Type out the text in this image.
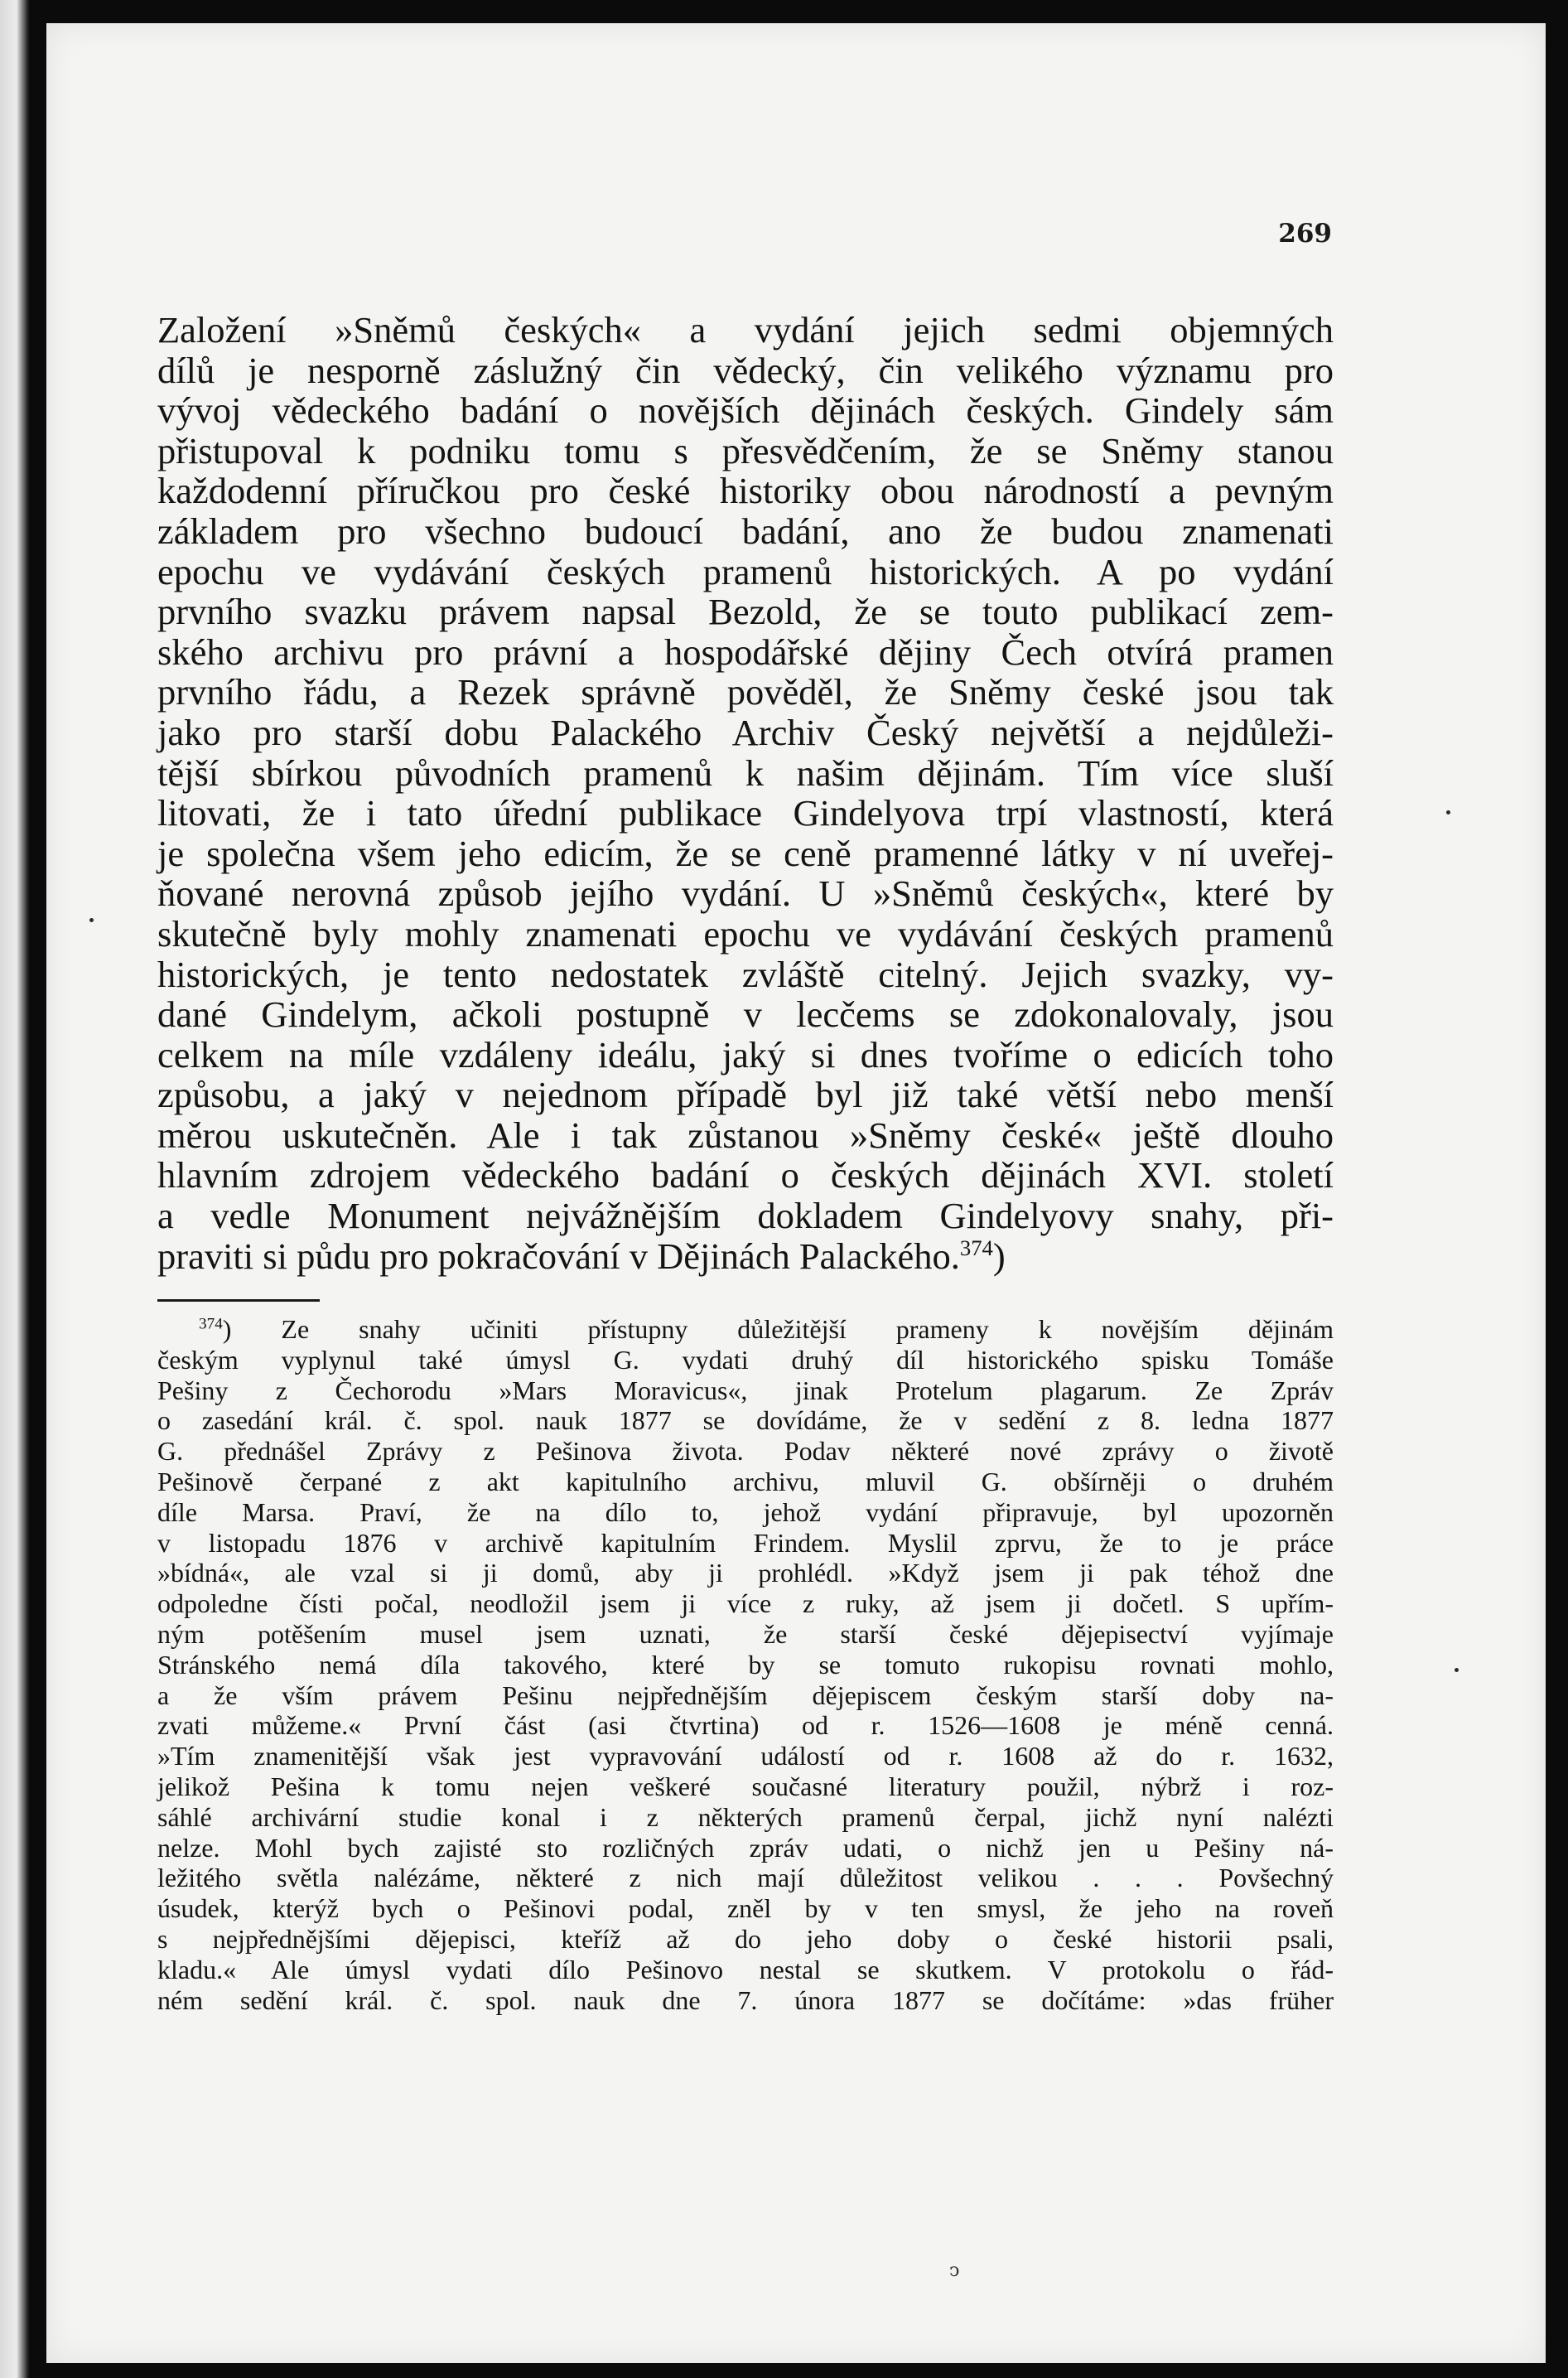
269
Založení »Sněmů českých« a vydání jejich sedmi objemných
dílů je nesporně záslužný čin vědecký, čin velikého významu pro
vývoj vědeckého badání o novějších dějinách českých. Gindely sám
přistupoval k podniku tomu s přesvědčením, že se Sněmy stanou
každodenní příručkou pro české historiky obou národností a pevným
základem pro všechno budoucí badání, ano že budou znamenati
epochu ve vydávání českých pramenů historických. A po vydání
prvního svazku právem napsal Bezold, že se touto publikací zem-
ského archivu pro právní a hospodářské dějiny Čech otvírá pramen
prvního řádu, a Rezek správně pověděl, že Sněmy české jsou tak
jako pro starší dobu Palackého Archiv Český největší a nejdůleži-
tější sbírkou původních pramenů k našim dějinám. Tím více sluší
litovati, že i tato úřední publikace Gindelyova trpí vlastností, která
je společna všem jeho edicím, že se ceně pramenné látky v ní uveřej-
ňované nerovná způsob jejího vydání. U »Sněmů českých«, které by
skutečně byly mohly znamenati epochu ve vydávání českých pramenů
historických, je tento nedostatek zvláště citelný. Jejich svazky, vy-
dané Gindelym, ačkoli postupně v lecčems se zdokonalovaly, jsou
celkem na míle vzdáleny ideálu, jaký si dnes tvoříme o edicích toho
způsobu, a jaký v nejednom případě byl již také větší nebo menší
měrou uskutečněn. Ale i tak zůstanou »Sněmy české« ještě dlouho
hlavním zdrojem vědeckého badání o českých dějinách XVI. století
a vedle Monument nejvážnějším dokladem Gindelyovy snahy, při-
praviti si půdu pro pokračování v Dějinách Palackého.$^{374}$)
$^{374}$) Ze snahy učiniti přístupny důležitější prameny k novějším dějinám
českým vyplynul také úmysl G. vydati druhý díl historického spisku Tomáše
Pešiny z Čechorodu »Mars Moravicus«, jinak Protelum plagarum. Ze Zpráv
o zasedání král. č. spol. nauk 1877 se dovídáme, že v sedění z 8. ledna 1877
G. přednášel Zprávy z Pešinova života. Podav některé nové zprávy o životě
Pešinově čerpané z akt kapitulního archivu, mluvil G. obšírněji o druhém
díle Marsa. Praví, že na dílo to, jehož vydání připravuje, byl upozorněn
v listopadu 1876 v archivě kapitulním Frindem. Myslil zprvu, že to je práce
»bídná«, ale vzal si ji domů, aby ji prohlédl. »Když jsem ji pak téhož dne
odpoledne čísti počal, neodložil jsem ji více z ruky, až jsem ji dočetl. S upřím-
ným potěšením musel jsem uznati, že starší české dějepisectví vyjímaje
Stránského nemá díla takového, které by se tomuto rukopisu rovnati mohlo,
a že vším právem Pešinu nejpřednějším dějepiscem českým starší doby na-
zvati můžeme.« První část (asi čtvrtina) od r. 1526—1608 je méně cenná.
»Tím znamenitější však jest vypravování událostí od r. 1608 až do r. 1632,
jelikož Pešina k tomu nejen veškeré současné literatury použil, nýbrž i roz-
sáhlé archivární studie konal i z některých pramenů čerpal, jichž nyní nalézti
nelze. Mohl bych zajisté sto rozličných zpráv udati, o nichž jen u Pešiny ná-
ležitého světla nalézáme, některé z nich mají důležitost velikou . . . Povšechný
úsudek, kterýž bych o Pešinovi podal, zněl by v ten smysl, že jeho na roveň
s nejpřednějšími dějepisci, kteříž až do jeho doby o české historii psali,
kladu.« Ale úmysl vydati dílo Pešinovo nestal se skutkem. V protokolu o řád-
ném sedění král. č. spol. nauk dne 7. února 1877 se dočítáme: »das früher
ͻ
